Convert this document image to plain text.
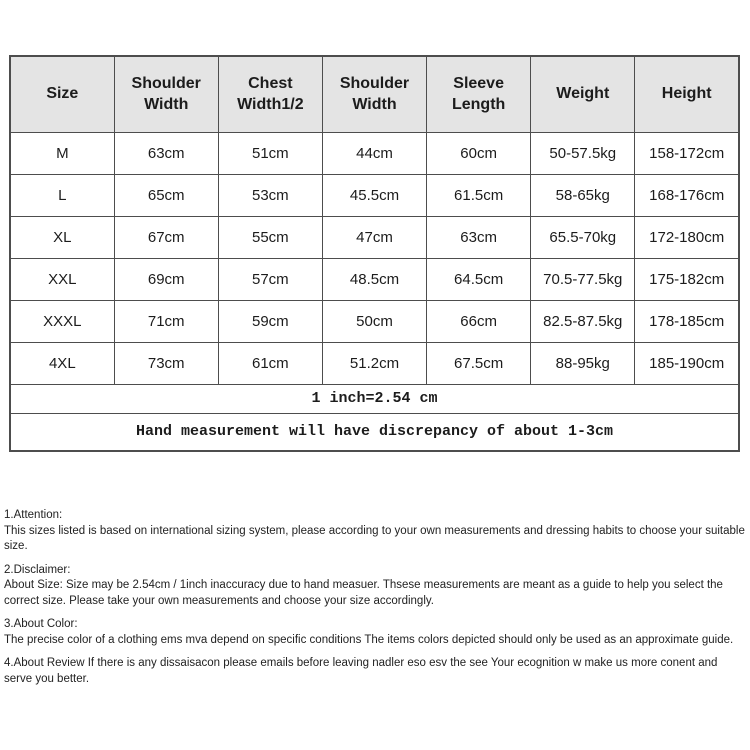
Size	Shoulder Width	Chest Width1/2	Shoulder Width	Sleeve Length	Weight	Height
M	63cm	51cm	44cm	60cm	50-57.5kg	158-172cm
L	65cm	53cm	45.5cm	61.5cm	58-65kg	168-176cm
XL	67cm	55cm	47cm	63cm	65.5-70kg	172-180cm
XXL	69cm	57cm	48.5cm	64.5cm	70.5-77.5kg	175-182cm
XXXL	71cm	59cm	50cm	66cm	82.5-87.5kg	178-185cm
4XL	73cm	61cm	51.2cm	67.5cm	88-95kg	185-190cm
1 inch=2.54 cm						
Hand measurement will have discrepancy of about 1-3cm						
1.Attention:
This sizes listed is based on international sizing system, please according to your own measurements and dressing habits to choose your suitable size.
2.Disclaimer:
About Size: Size may be 2.54cm / 1inch inaccuracy due to hand measuer. Thsese measurements are meant as a guide to help you select the correct size. Please take your own measurements and choose your size accordingly.
3.About Color:
The precise color of a clothing ems mva depend on specific conditions The items colors depicted should only be used as an approximate guide.
4.About Review If there is any dissaisacon please emails before leaving nadler eso esv the see Your ecognition w make us more conent and serve you better.
